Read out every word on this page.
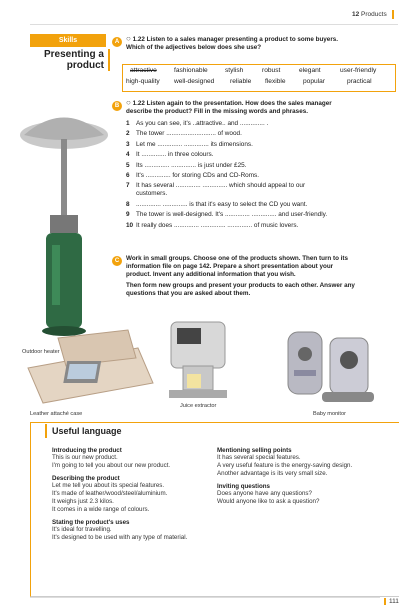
12 Products
Skills
Presenting a
product
A ○ 1.22 Listen to a sales manager presenting a product to some buyers.
Which of the adjectives below does she use?
attractive	fashionable	stylish	robust	elegant	user-friendly
high-quality well-designed reliable flexible	popular	practical
B ○ 1.22 Listen again to the presentation. How does the sales manager
describe the product? Fill in the missing words and phrases.
1 As you can see, it's ..attractive.. and .............. .
2 The tower ............................ of wood.
3 Let me .............. .............. its dimensions.
4 It .............. in three colours.
5 Its .............. .............. is just under £25.
6 It's .............. for storing CDs and CD-Roms.
7 It has several .............. .............. which should appeal to our
customers.
8 .............. .............. is that it's easy to select the CD you want.
9 The tower is well-designed. It's .............. .............. and user-friendly.
10 It really does .............. .............. .............. of music lovers.
C	Work in small groups. Choose one of the products shown. Then turn to its
information file on page 142. Prepare a short presentation about your
product. Invent any additional information that you wish.
Then form new groups and present your products to each other. Answer any
questions that you are asked about them.
Outdoor heater
Leather attaché case
Juice extractor
Baby monitor
Useful language
Introducing the product
This is our new product.
I'm going to tell you about our new product.
Describing the product
Let me tell you about its special features.
It's made of leather/wood/steel/aluminium.
It weighs just 2.3 kilos.
It comes in a wide range of colours.
Stating the product's uses
It's ideal for travelling.
It's designed to be used with any type of material.
Mentioning selling points
It has several special features.
A very useful feature is the energy-saving design.
Another advantage is its very small size.
Inviting questions
Does anyone have any questions?
Would anyone like to ask a question?
111
